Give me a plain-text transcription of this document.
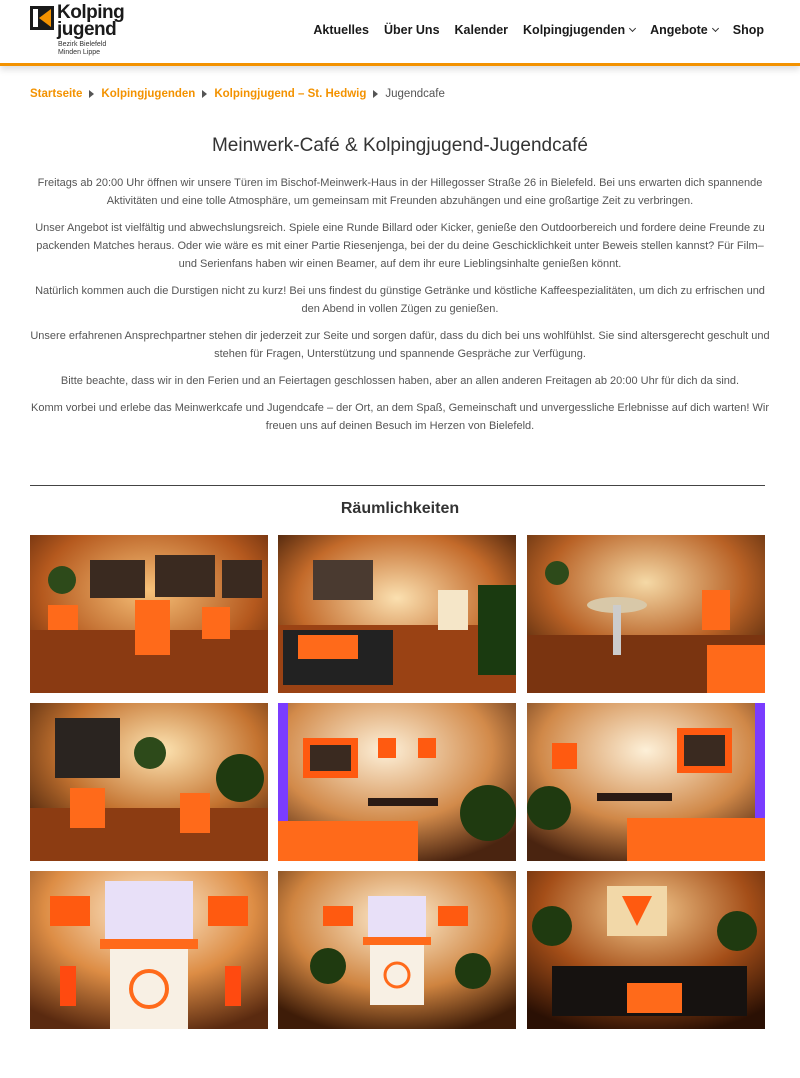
Kolping
jugend
Bezirk Bielefeld
Minden Lippe
Aktuelles Über Uns Kalender Kolpingjugenden Angebote Shop
Startseite Kolpingjugenden Kolpingjugend – St. Hedwig Jugendcafe
Meinwerk-Café & Kolpingjugend-Jugendcafé

Freitags ab 20:00 Uhr öffnen wir unsere Türen im Bischof-Meinwerk-Haus in der Hillegosser Straße 26 in Bielefeld. Bei uns erwarten dich spannende Aktivitäten und eine tolle Atmosphäre, um gemeinsam mit Freunden abzuhängen und eine großartige Zeit zu verbringen.

Unser Angebot ist vielfältig und abwechslungsreich. Spiele eine Runde Billard oder Kicker, genieße den Outdoorbereich und fordere deine Freunde zu packenden Matches heraus. Oder wie wäre es mit einer Partie Riesenjenga, bei der du deine Geschicklichkeit unter Beweis stellen kannst? Für Film– und Serienfans haben wir einen Beamer, auf dem ihr eure Lieblingsinhalte genießen könnt.

Natürlich kommen auch die Durstigen nicht zu kurz! Bei uns findest du günstige Getränke und köstliche Kaffeespezialitäten, um dich zu erfrischen und den Abend in vollen Zügen zu genießen.

Unsere erfahrenen Ansprechpartner stehen dir jederzeit zur Seite und sorgen dafür, dass du dich bei uns wohlfühlst. Sie sind altersgerecht geschult und stehen für Fragen, Unterstützung und spannende Gespräche zur Verfügung.

Bitte beachte, dass wir in den Ferien und an Feiertagen geschlossen haben, aber an allen anderen Freitagen ab 20:00 Uhr für dich da sind.

Komm vorbei und erlebe das Meinwerkcafe und Jugendcafe – der Ort, an dem Spaß, Gemeinschaft und unvergessliche Erlebnisse auf dich warten! Wir freuen uns auf deinen Besuch im Herzen von Bielefeld.

Räumlichkeiten
